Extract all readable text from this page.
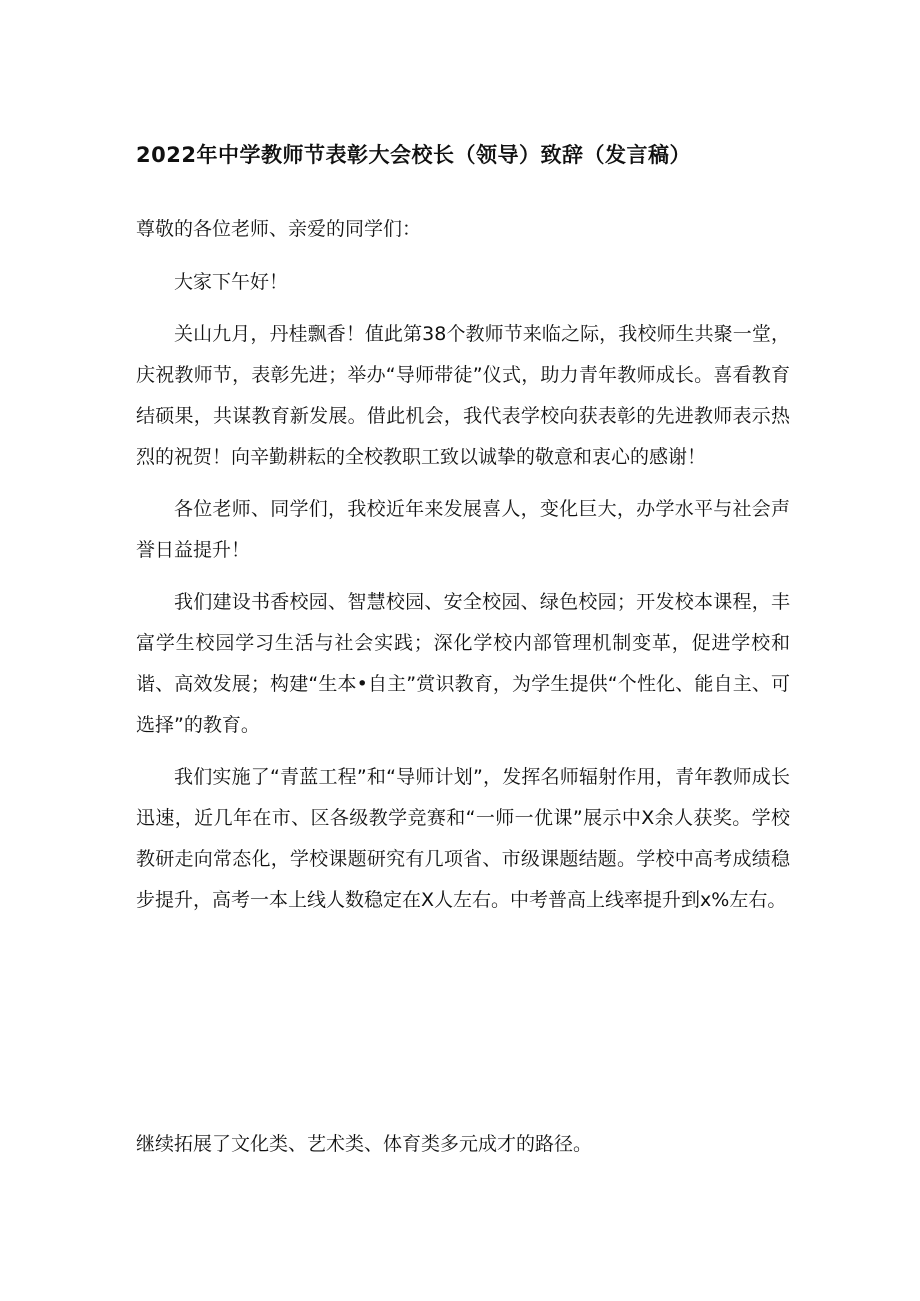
2022年中学教师节表彰大会校长（领导）致辞（发言稿）
尊敬的各位老师、亲爱的同学们：

大家下午好！

关山九月，丹桂飘香！值此第38个教师节来临之际，我校师生共聚一堂，庆祝教师节，表彰先进；举办“导师带徒”仪式，助力青年教师成长。喜看教育结硕果，共谋教育新发展。借此机会，我代表学校向获表彰的先进教师表示热烈的祝贺！向辛勤耕耘的全校教职工致以诚挚的敬意和衷心的感谢！

各位老师、同学们，我校近年来发展喜人，变化巨大，办学水平与社会声誉日益提升！

我们建设书香校园、智慧校园、安全校园、绿色校园；开发校本课程，丰富学生校园学习生活与社会实践；深化学校内部管理机制变革，促进学校和谐、高效发展；构建“生本•自主”赏识教育，为学生提供“个性化、能自主、可选择”的教育。

我们实施了“青蓝工程”和“导师计划”，发挥名师辐射作用，青年教师成长迅速，近几年在市、区各级教学竞赛和“一师一优课”展示中X余人获奖。学校教研走向常态化，学校课题研究有几项省、市级课题结题。学校中高考成绩稳步提升，高考一本上线人数稳定在X人左右。中考普高上线率提升到x%左右。

继续拓展了文化类、艺术类、体育类多元成才的路径。
